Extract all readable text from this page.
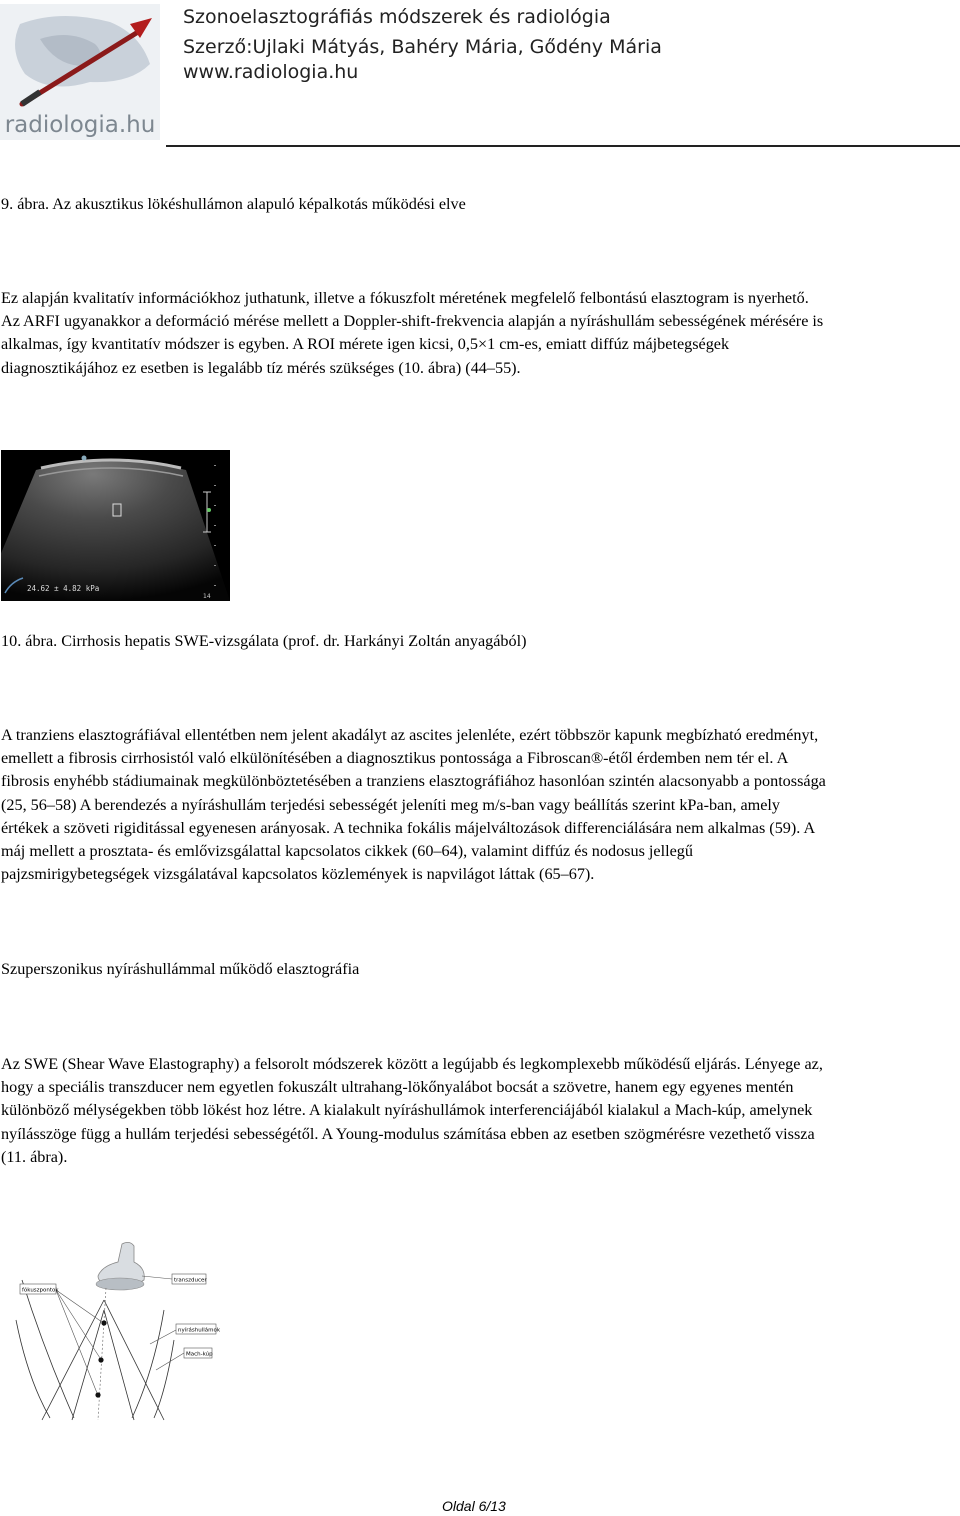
radiologia.hu
Szonoelasztográfiás módszerek és radiológia
Szerző:Ujlaki Mátyás, Bahéry Mária, Gődény Mária
www.radiologia.hu
9. ábra. Az akusztikus lökéshullámon alapuló képalkotás működési elve
Ez alapján kvalitatív információkhoz juthatunk, illetve a fókuszfolt méretének megfelelő felbontású elasztogram is nyerhető.
Az ARFI ugyanakkor a deformáció mérése mellett a Doppler-shift-frekvencia alapján a nyíráshullám sebességének mérésére is
alkalmas, így kvantitatív módszer is egyben. A ROI mérete igen kicsi, 0,5×1 cm-es, emiatt diffúz májbetegségek
diagnosztikájához ez esetben is legalább tíz mérés szükséges (10. ábra) (44–55).
24.62 ± 4.82 kPa
14
10. ábra. Cirrhosis hepatis SWE-vizsgálata (prof. dr. Harkányi Zoltán anyagából)
A tranziens elasztográfiával ellentétben nem jelent akadályt az ascites jelenléte, ezért többször kapunk megbízható eredményt,
emellett a fibrosis cirrhosistól való elkülönítésében a diagnosztikus pontossága a Fibroscan®-étől érdemben nem tér el. A
fibrosis enyhébb stádiumainak megkülönböztetésében a tranziens elasztográfiához hasonlóan szintén alacsonyabb a pontossága
(25, 56–58) A berendezés a nyíráshullám terjedési sebességét jeleníti meg m/s-ban vagy beállítás szerint kPa-ban, amely
értékek a szöveti rigiditással egyenesen arányosak. A technika fokális májelváltozások differenciálására nem alkalmas (59). A
máj mellett a prosztata- és emlővizsgálattal kapcsolatos cikkek (60–64), valamint diffúz és nodosus jellegű
pajzsmirigybetegségek vizsgálatával kapcsolatos közlemények is napvilágot láttak (65–67).
Szuperszonikus nyíráshullámmal működő elasztográfia
Az SWE (Shear Wave Elastography) a felsorolt módszerek között a legújabb és legkomplexebb működésű eljárás. Lényege az,
hogy a speciális transzducer nem egyetlen fokuszált ultrahang-lökőnyalábot bocsát a szövetre, hanem egy egyenes mentén
különböző mélységekben több lökést hoz létre. A kialakult nyíráshullámok interferenciájából kialakul a Mach-kúp, amelynek
nyílásszöge függ a hullám terjedési sebességétől. A Young-modulus számítása ebben az esetben szögmérésre vezethető vissza
(11. ábra).
fókuszpontok
transzducer
nyíráshullámok
Mach-kúp
Oldal 6/13
